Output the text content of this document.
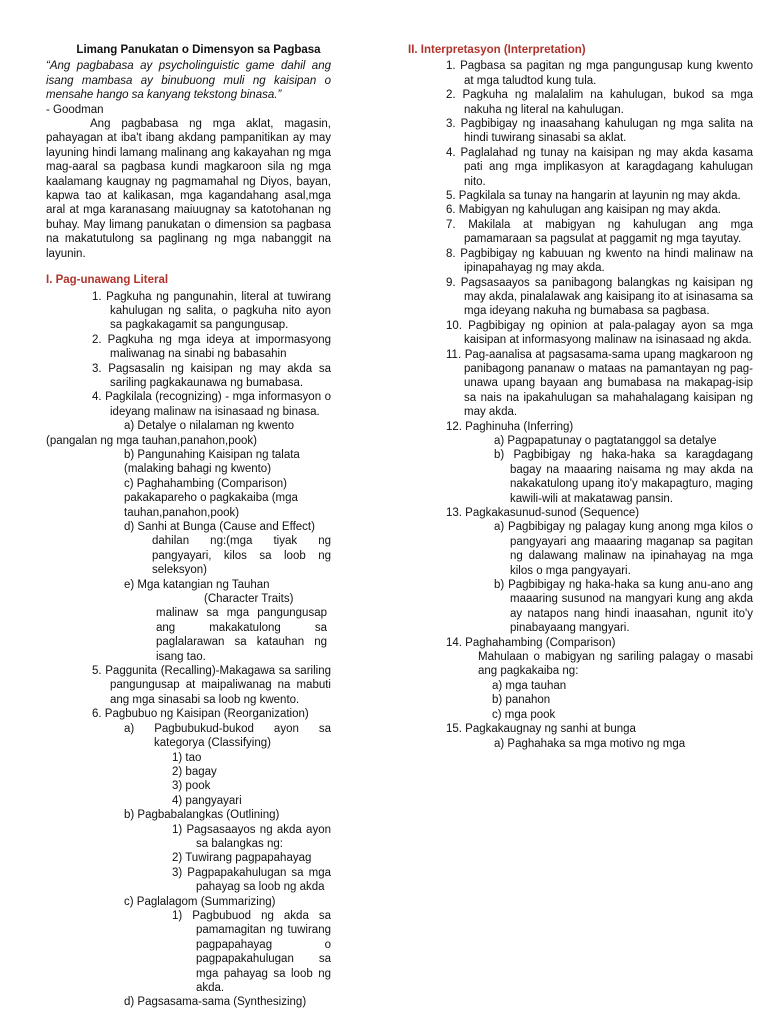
Limang Panukatan o Dimensyon sa Pagbasa

“Ang pagbabasa ay psycholinguistic game dahil ang isang mambasa ay binubuong muli ng kaisipan o mensahe hango sa kanyang tekstong binasa.”

- Goodman

Ang pagbabasa ng mga aklat, magasin, pahayagan at iba't ibang akdang pampanitikan ay may layuning hindi lamang malinang ang kakayahan ng mga mag-aaral sa pagbasa kundi magkaroon sila ng mga kaalamang kaugnay ng pagmamahal ng Diyos, bayan, kapwa tao at kalikasan, mga kagandahang asal,mga aral at mga karanasang maiuugnay sa katotohanan ng buhay. May limang panukatan o dimension sa pagbasa na makatutulong sa paglinang ng mga nabanggit na layunin.

I. Pag-unawang Literal

1. Pagkuha ng pangunahin, literal at tuwirang kahulugan ng salita, o pagkuha nito ayon sa pagkakagamit sa pangungusap.

2. Pagkuha ng mga ideya at impormasyong maliwanag na sinabi ng babasahin

3. Pagsasalin ng kaisipan ng may akda sa sariling pagkakaunawa ng bumabasa.

4. Pagkilala (recognizing) - mga informasyon o ideyang malinaw na isinasaad ng binasa.

a) Detalye o nilalaman ng kwento

(pangalan ng mga tauhan,panahon,pook)

b) Pangunahing Kaisipan ng talata

(malaking bahagi ng kwento)

c) Paghahambing (Comparison)

pakakapareho o pagkakaiba (mga

tauhan,panahon,pook)

d) Sanhi at Bunga (Cause and Effect)

dahilan ng:(mga tiyak ng pangyayari, kilos sa loob ng seleksyon)

e) Mga katangian ng Tauhan

(Character Traits)

malinaw sa mga pangungusap ang makakatulong sa paglalarawan sa katauhan ng isang tao.

5. Paggunita (Recalling)-Makagawa sa sariling pangungusap at maipaliwanag na mabuti ang mga sinasabi sa loob ng kwento.

6. Pagbubuo ng Kaisipan (Reorganization)

a) Pagbubukud-bukod ayon sa kategorya (Classifying)

1) tao

2) bagay

3) pook

4) pangyayari

b) Pagbabalangkas (Outlining)

1) Pagsasaayos ng akda ayon sa balangkas ng:

2) Tuwirang pagpapahayag

3) Pagpapakahulugan sa mga pahayag sa loob ng akda

c) Paglalagom (Summarizing)

1) Pagbubuod ng akda sa pamamagitan ng tuwirang pagpapahayag o pagpapakahulugan sa mga pahayag sa loob ng akda.

d) Pagsasama-sama (Synthesizing)

II. Interpretasyon (Interpretation)

1. Pagbasa sa pagitan ng mga pangungusap kung kwento at mga taludtod kung tula.

2. Pagkuha ng malalalim na kahulugan, bukod sa mga nakuha ng literal na kahulugan.

3. Pagbibigay ng inaasahang kahulugan ng mga salita na hindi tuwirang sinasabi sa aklat.

4. Paglalahad ng tunay na kaisipan ng may akda kasama pati ang mga implikasyon at karagdagang kahulugan nito.

5. Pagkilala sa tunay na hangarin at layunin ng may akda.

6. Mabigyan ng kahulugan ang kaisipan ng may akda.

7. Makilala at mabigyan ng kahulugan ang mga pamamaraan sa pagsulat at paggamit ng mga tayutay.

8. Pagbibigay ng kabuuan ng kwento na hindi malinaw na ipinapahayag ng may akda.

9. Pagsasaayos sa panibagong balangkas ng kaisipan ng may akda, pinalalawak ang kaisipang ito at isinasama sa mga ideyang nakuha ng bumabasa sa pagbasa.

10. Pagbibigay ng opinion at pala-palagay ayon sa mga kaisipan at informasyong malinaw na isinasaad ng akda.

11. Pag-aanalisa at pagsasama-sama upang magkaroon ng panibagong pananaw o mataas na pamantayan ng pag-unawa upang bayaan ang bumabasa na makapag-isip sa nais na ipakahulugan sa mahahalagang kaisipan ng may akda.

12. Paghinuha (Inferring)

a) Pagpapatunay o pagtatanggol sa detalye

b) Pagbibigay ng haka-haka sa karagdagang bagay na maaaring naisama ng may akda na nakakatulong upang ito'y makapagturo, maging kawili-wili at makatawag pansin.

13. Pagkakasunud-sunod (Sequence)

a) Pagbibigay ng palagay kung anong mga kilos o pangyayari ang maaaring maganap sa pagitan ng dalawang malinaw na ipinahayag na mga kilos o mga pangyayari.

b) Pagbibigay ng haka-haka sa kung anu-ano ang maaaring susunod na mangyari kung ang akda ay natapos nang hindi inaasahan, ngunit ito'y pinabayaang mangyari.

14. Paghahambing (Comparison)

Mahulaan o mabigyan ng sariling palagay o masabi ang pagkakaiba ng:

a) mga tauhan

b) panahon

c) mga pook

15. Pagkakaugnay ng sanhi at bunga

a) Paghahaka sa mga motivo ng mga
